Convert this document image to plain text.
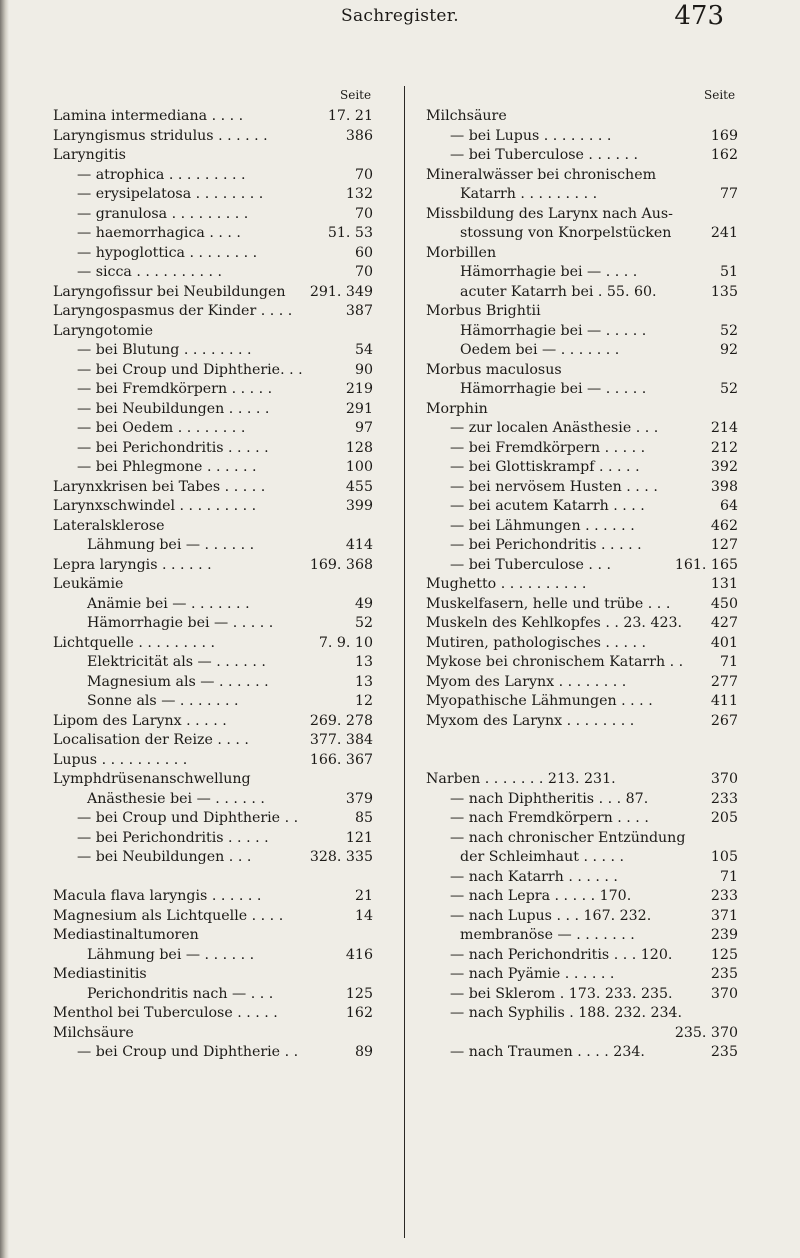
Sachregister.	473
Seite	Seite
Lamina intermediana . . . .	17. 21
Laryngismus stridulus . . . . . .	386
Laryngitis
— atrophica . . . . . . . . .	70
— erysipelatosa . . . . . . . .	132
— granulosa . . . . . . . . .	70
— haemorrhagica . . . .	51. 53
— hypoglottica . . . . . . . .	60
— sicca . . . . . . . . . .	70
Laryngofissur bei Neubildungen 291. 349
Laryngospasmus der Kinder . . . .	387
Laryngotomie
— bei Blutung . . . . . . . .	54
— bei Croup und Diphtherie. . .	90
— bei Fremdkörpern . . . . .	219
— bei Neubildungen . . . . .	291
— bei Oedem . . . . . . . .	97
— bei Perichondritis . . . . .	128
— bei Phlegmone . . . . . .	100
Larynxkrisen bei Tabes . . . . .	455
Larynxschwindel . . . . . . . . .	399
Lateralsklerose
Lähmung bei — . . . . . .	414
Lepra laryngis . . . . . .	169. 368
Leukämie
Anämie bei — . . . . . . .	49
Hämorrhagie bei — . . . . .	52
Lichtquelle . . . . . . . . .	7. 9. 10
Elektricität als — . . . . . .	13
Magnesium als — . . . . . .	13
Sonne als — . . . . . . .	12
Lipom des Larynx . . . . .	269. 278
Localisation der Reize . . . .	377. 384
Lupus . . . . . . . . . .	166. 367
Lymphdrüsenanschwellung
Anästhesie bei — . . . . . .	379
— bei Croup und Diphtherie . .	85
— bei Perichondritis . . . . .	121
— bei Neubildungen . . .	328. 335
Macula flava laryngis . . . . . .	21
Magnesium als Lichtquelle . . . .	14
Mediastinaltumoren
Lähmung bei — . . . . . .	416
Mediastinitis
Perichondritis nach — . . .	125
Menthol bei Tuberculose . . . . .	162
Milchsäure
— bei Croup und Diphtherie . .	89
Milchsäure
— bei Lupus . . . . . . . .	169
— bei Tuberculose . . . . . .	162
Mineralwässer bei chronischem
Katarrh . . . . . . . . .	77
Missbildung des Larynx nach Aus-
stossung von Knorpelstücken	241
Morbillen
Hämorrhagie bei — . . . .	51
acuter Katarrh bei . 55. 60.	135
Morbus Brightii
Hämorrhagie bei — . . . . .	52
Oedem bei — . . . . . . .	92
Morbus maculosus
Hämorrhagie bei — . . . . .	52
Morphin
— zur localen Anästhesie . . .	214
— bei Fremdkörpern . . . . .	212
— bei Glottiskrampf . . . . .	392
— bei nervösem Husten . . . .	398
— bei acutem Katarrh . . . .	64
— bei Lähmungen . . . . . .	462
— bei Perichondritis . . . . .	127
— bei Tuberculose . . .	161. 165
Mughetto . . . . . . . . . .	131
Muskelfasern, helle und trübe . . .	450
Muskeln des Kehlkopfes . . 23. 423. 427
Mutiren, pathologisches . . . . .	401
Mykose bei chronischem Katarrh . .	71
Myom des Larynx . . . . . . . .	277
Myopathische Lähmungen . . . .	411
Myxom des Larynx . . . . . . . .	267
Narben . . . . . . . 213. 231.	370
— nach Diphtheritis . . . 87.	233
— nach Fremdkörpern . . . .	205
— nach chronischer Entzündung
der Schleimhaut . . . . .	105
— nach Katarrh . . . . . .	71
— nach Lepra . . . . . 170.	233
— nach Lupus . . . 167. 232.	371
membranöse — . . . . . . .	239
— nach Perichondritis . . . 120.	125
— nach Pyämie . . . . . .	235
— bei Sklerom . 173. 233. 235.	370
— nach Syphilis . 188. 232. 234.
235. 370
— nach Traumen . . . . 234.	235
